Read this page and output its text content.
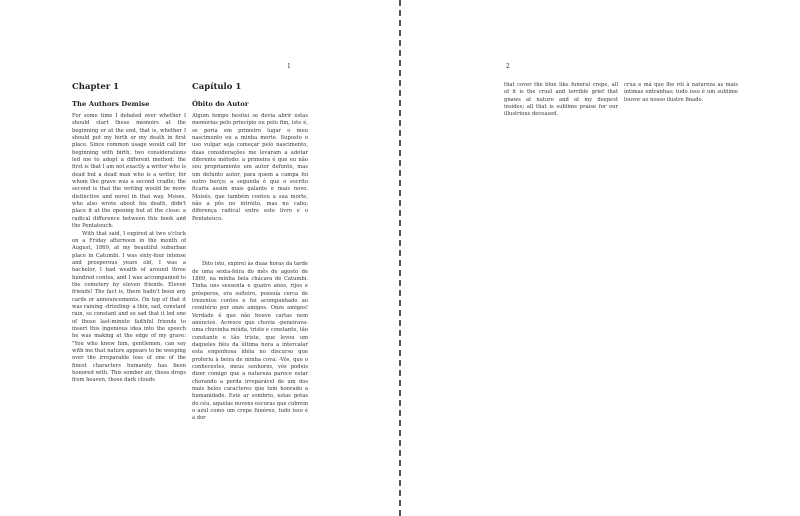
1
Chapter 1
The Authors Demise

For some time I debated over whether I should start these memoirs at the beginning or at the end, that is, whether I should put my birth or my death in first place. Since common usage would call for beginning with birth, two considerations led me to adopt a different method: the first is that I am not exactly a writer who is dead but a dead man who is a writer, for whom the grave was a second cradle; the second is that the writing would be more distinctive and novel in that way. Moses, who also wrote about his death, didn't place it at the opening but at the close: a radical difference between this book and the Pentateuch.

With that said, I expired at two o'clock on a Friday afternoon in the month of August, 1869, at my beautiful suburban place in Catumbi. I was sixty-four intense and prosperous years old, I was a bachelor, I had wealth of around three hundred contos, and I was accompanied to the cemetery by eleven friends. Eleven friends! The fact is, there hadn't been any cards or announcements. On top of that it was raining -drizzling- a thin, sad, constant rain, so constant and so sad that it led one of those last-minute faithful friends to insert this ingenious idea into the speech he was making at the edge of my grave: "You who knew him, gentlemen, can say with me that nature appears to be weeping over the irreparable loss of one of the finest characters humanity has been honored with. This somber air, these drops from heaven, those dark clouds

Capítulo 1
Óbito do Autor

Algum tempo hesitei se devia abrir estas memórias pelo princípio ou pelo fim, isto é, se poria em primeiro lugar o meu nascimento ou a minha morte. Suposto o uso vulgar seja começar pelo nascimento, duas considerações me levaram a adotar diferente método: a primeira é que eu não sou propriamente um autor defunto, mas um defunto autor, para quem a campa foi outro berço; a segunda é que o escrito ficaria assim mais galante e mais novo. Moisés, que também contou a sua morte, não a pôs no intróito, mas no cabo; diferença radical entre este livro e o Pentateuco.

Dito isto, expirei às duas horas da tarde de uma sexta-feira do mês de agosto de 1869, na minha bela chácara de Catumbi. Tinha uns sessenta e quatro anos, rijos e prósperos, era solteiro, possuía cerca de trezentos contos e fui acompanhado ao cemitério por onze amigos. Onze amigos! Verdade é que não houve cartas nem anúncios. Acresce que chovia -peneirava- uma chuvinha miúda, triste e constante, tão constante e tão triste, que levou um daqueles fiéis da última hora a intercalar esta engenhosa idéia no discurso que proferiu à beira de minha cova: -Vós, que o conhecestes, meus senhores, vós podeis dizer comigo que a natureza parece estar chorando a perda irreparável de um dos mais belos caracteres que tem honrado a humanidade. Este ar sombrio, estas gotas do céu, aquelas nuvens escuras que cobrem o azul como um crepe funéreo, tudo isso é a dor

2

that cover the blue like funeral crepe, all of it is the cruel and terrible grief that gnaws at nature and at my deepest insides; all that is sublime praise for our illustrious deceased.

crua e má que lhe rói à natureza as mais íntimas entranhas; tudo isso é um sublime louvor ao nosso ilustre finado.
